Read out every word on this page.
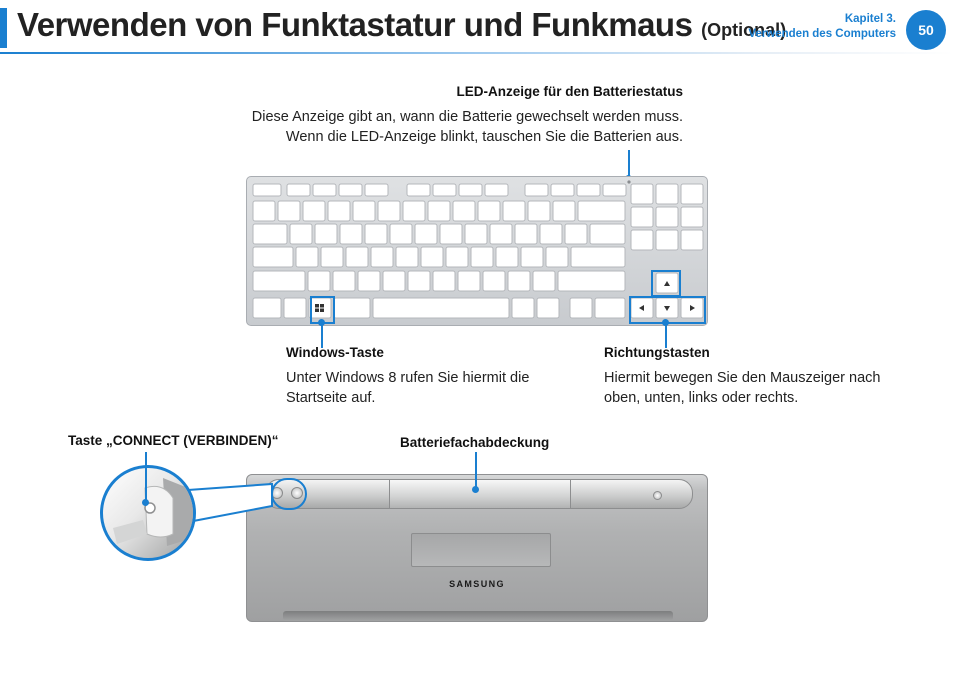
Verwenden von Funktastatur und Funkmaus (Optional)
Kapitel 3.
Verwenden des Computers	50
LED-Anzeige für den Batteriestatus
Diese Anzeige gibt an, wann die Batterie gewechselt werden muss.
Wenn die LED-Anzeige blinkt, tauschen Sie die Batterien aus.
Windows-Taste
Unter Windows 8 rufen Sie hiermit die
Startseite auf.
Richtungstasten
Hiermit bewegen Sie den Mauszeiger nach
oben, unten, links oder rechts.
Taste „CONNECT (VERBINDEN)“	Batteriefachabdeckung
SAMSUNG
